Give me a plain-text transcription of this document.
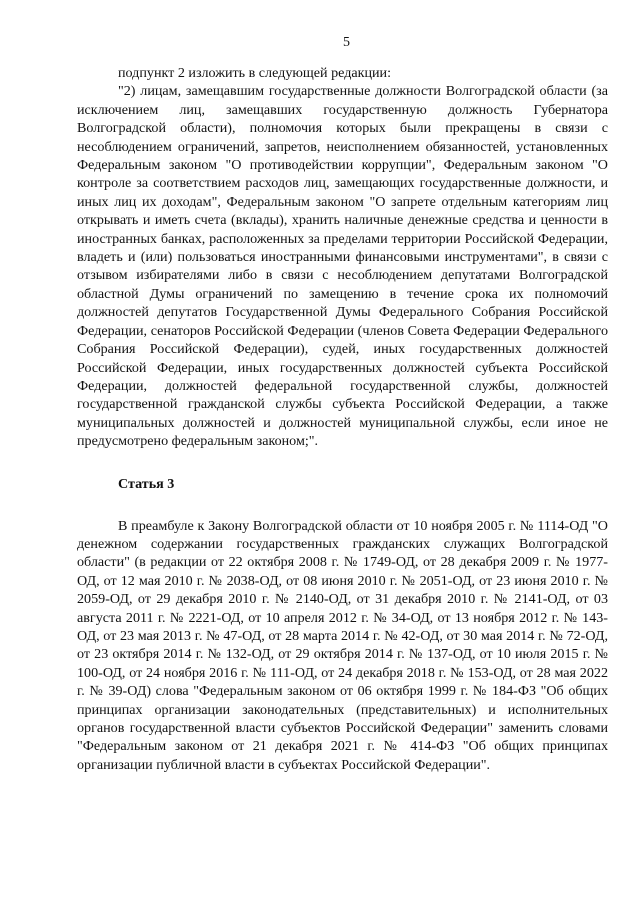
5

подпункт 2 изложить в следующей редакции:

"2) лицам, замещавшим государственные должности Волгоградской области (за исключением лиц, замещавших государственную должность Губернатора Волгоградской области), полномочия которых были прекращены в связи с несоблюдением ограничений, запретов, неисполнением обязанностей, установленных Федеральным законом "О противодействии коррупции", Федеральным законом "О контроле за соответствием расходов лиц, замещающих государственные должности, и иных лиц их доходам", Федеральным законом "О запрете отдельным категориям лиц открывать и иметь счета (вклады), хранить наличные денежные средства и ценности в иностранных банках, расположенных за пределами территории Российской Федерации, владеть и (или) пользоваться иностранными финансовыми инструментами", в связи с отзывом избирателями либо в связи с несоблюдением депутатами Волгоградской областной Думы ограничений по замещению в течение срока их полномочий должностей депутатов Государственной Думы Федерального Собрания Российской Федерации, сенаторов Российской Федерации (членов Совета Федерации Федерального Собрания Российской Федерации), судей, иных государственных должностей Российской Федерации, иных государственных должностей субъекта Российской Федерации, должностей федеральной государственной службы, должностей государственной гражданской службы субъекта Российской Федерации, а также муниципальных должностей и должностей муниципальной службы, если иное не предусмотрено федеральным законом;".

Статья 3

В преамбуле к Закону Волгоградской области от 10 ноября 2005 г. № 1114-ОД "О денежном содержании государственных гражданских служащих Волгоградской области" (в редакции от 22 октября 2008 г. № 1749-ОД, от 28 декабря 2009 г. № 1977-ОД, от 12 мая 2010 г. № 2038-ОД, от 08 июня 2010 г. № 2051-ОД, от 23 июня 2010 г. № 2059-ОД, от 29 декабря 2010 г. № 2140-ОД, от 31 декабря 2010 г. № 2141-ОД, от 03 августа 2011 г. № 2221-ОД, от 10 апреля 2012 г. № 34-ОД, от 13 ноября 2012 г. № 143-ОД, от 23 мая 2013 г. № 47-ОД, от 28 марта 2014 г. № 42-ОД, от 30 мая 2014 г. № 72-ОД, от 23 октября 2014 г. № 132-ОД, от 29 октября 2014 г. № 137-ОД, от 10 июля 2015 г. № 100-ОД, от 24 ноября 2016 г. № 111-ОД, от 24 декабря 2018 г. № 153-ОД, от 28 мая 2022 г. № 39-ОД) слова "Федеральным законом от 06 октября 1999 г. № 184-ФЗ "Об общих принципах организации законодательных (представительных) и исполнительных органов государственной власти субъектов Российской Федерации" заменить словами "Федеральным законом от 21 декабря 2021 г. № 414-ФЗ "Об общих принципах организации публичной власти в субъектах Российской Федерации".
